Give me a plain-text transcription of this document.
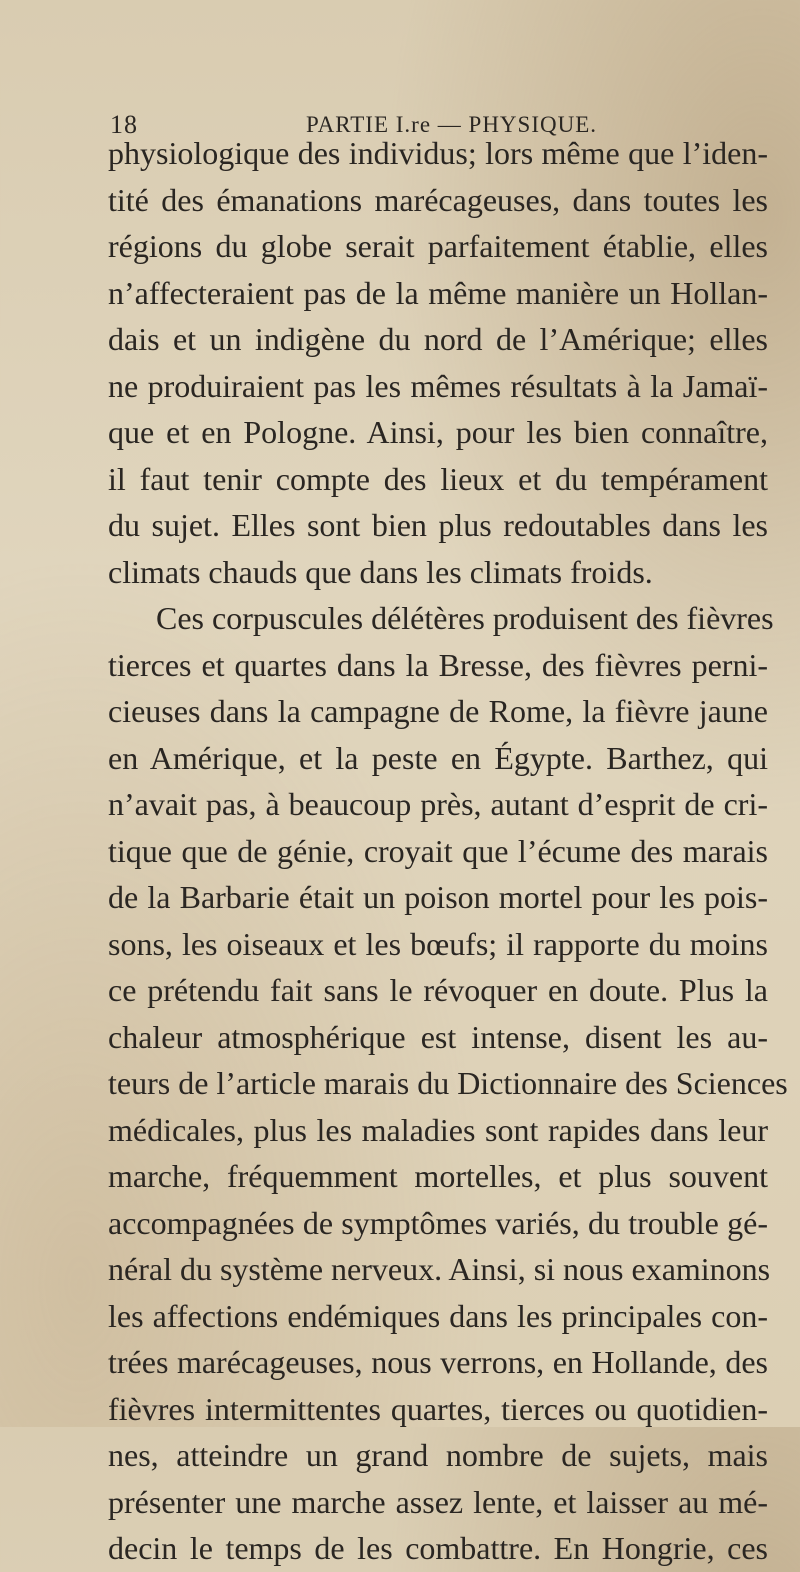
18	PARTIE I.re — PHYSIQUE.
physiologique des individus; lors même que l’iden-
tité des émanations marécageuses, dans toutes les
régions du globe serait parfaitement établie, elles
n’affecteraient pas de la même manière un Hollan-
dais et un indigène du nord de l’Amérique; elles
ne produiraient pas les mêmes résultats à la Jamaï-
que et en Pologne. Ainsi, pour les bien connaître,
il faut tenir compte des lieux et du tempérament
du sujet. Elles sont bien plus redoutables dans les
climats chauds que dans les climats froids.
Ces corpuscules délétères produisent des fièvres
tierces et quartes dans la Bresse, des fièvres perni-
cieuses dans la campagne de Rome, la fièvre jaune
en Amérique, et la peste en Égypte. Barthez, qui
n’avait pas, à beaucoup près, autant d’esprit de cri-
tique que de génie, croyait que l’écume des marais
de la Barbarie était un poison mortel pour les pois-
sons, les oiseaux et les bœufs; il rapporte du moins
ce prétendu fait sans le révoquer en doute. Plus la
chaleur atmosphérique est intense, disent les au-
teurs de l’article marais du Dictionnaire des Sciences
médicales, plus les maladies sont rapides dans leur
marche, fréquemment mortelles, et plus souvent
accompagnées de symptômes variés, du trouble gé-
néral du système nerveux. Ainsi, si nous examinons
les affections endémiques dans les principales con-
trées marécageuses, nous verrons, en Hollande, des
fièvres intermittentes quartes, tierces ou quotidien-
nes, atteindre un grand nombre de sujets, mais
présenter une marche assez lente, et laisser au mé-
decin le temps de les combattre. En Hongrie, ces
